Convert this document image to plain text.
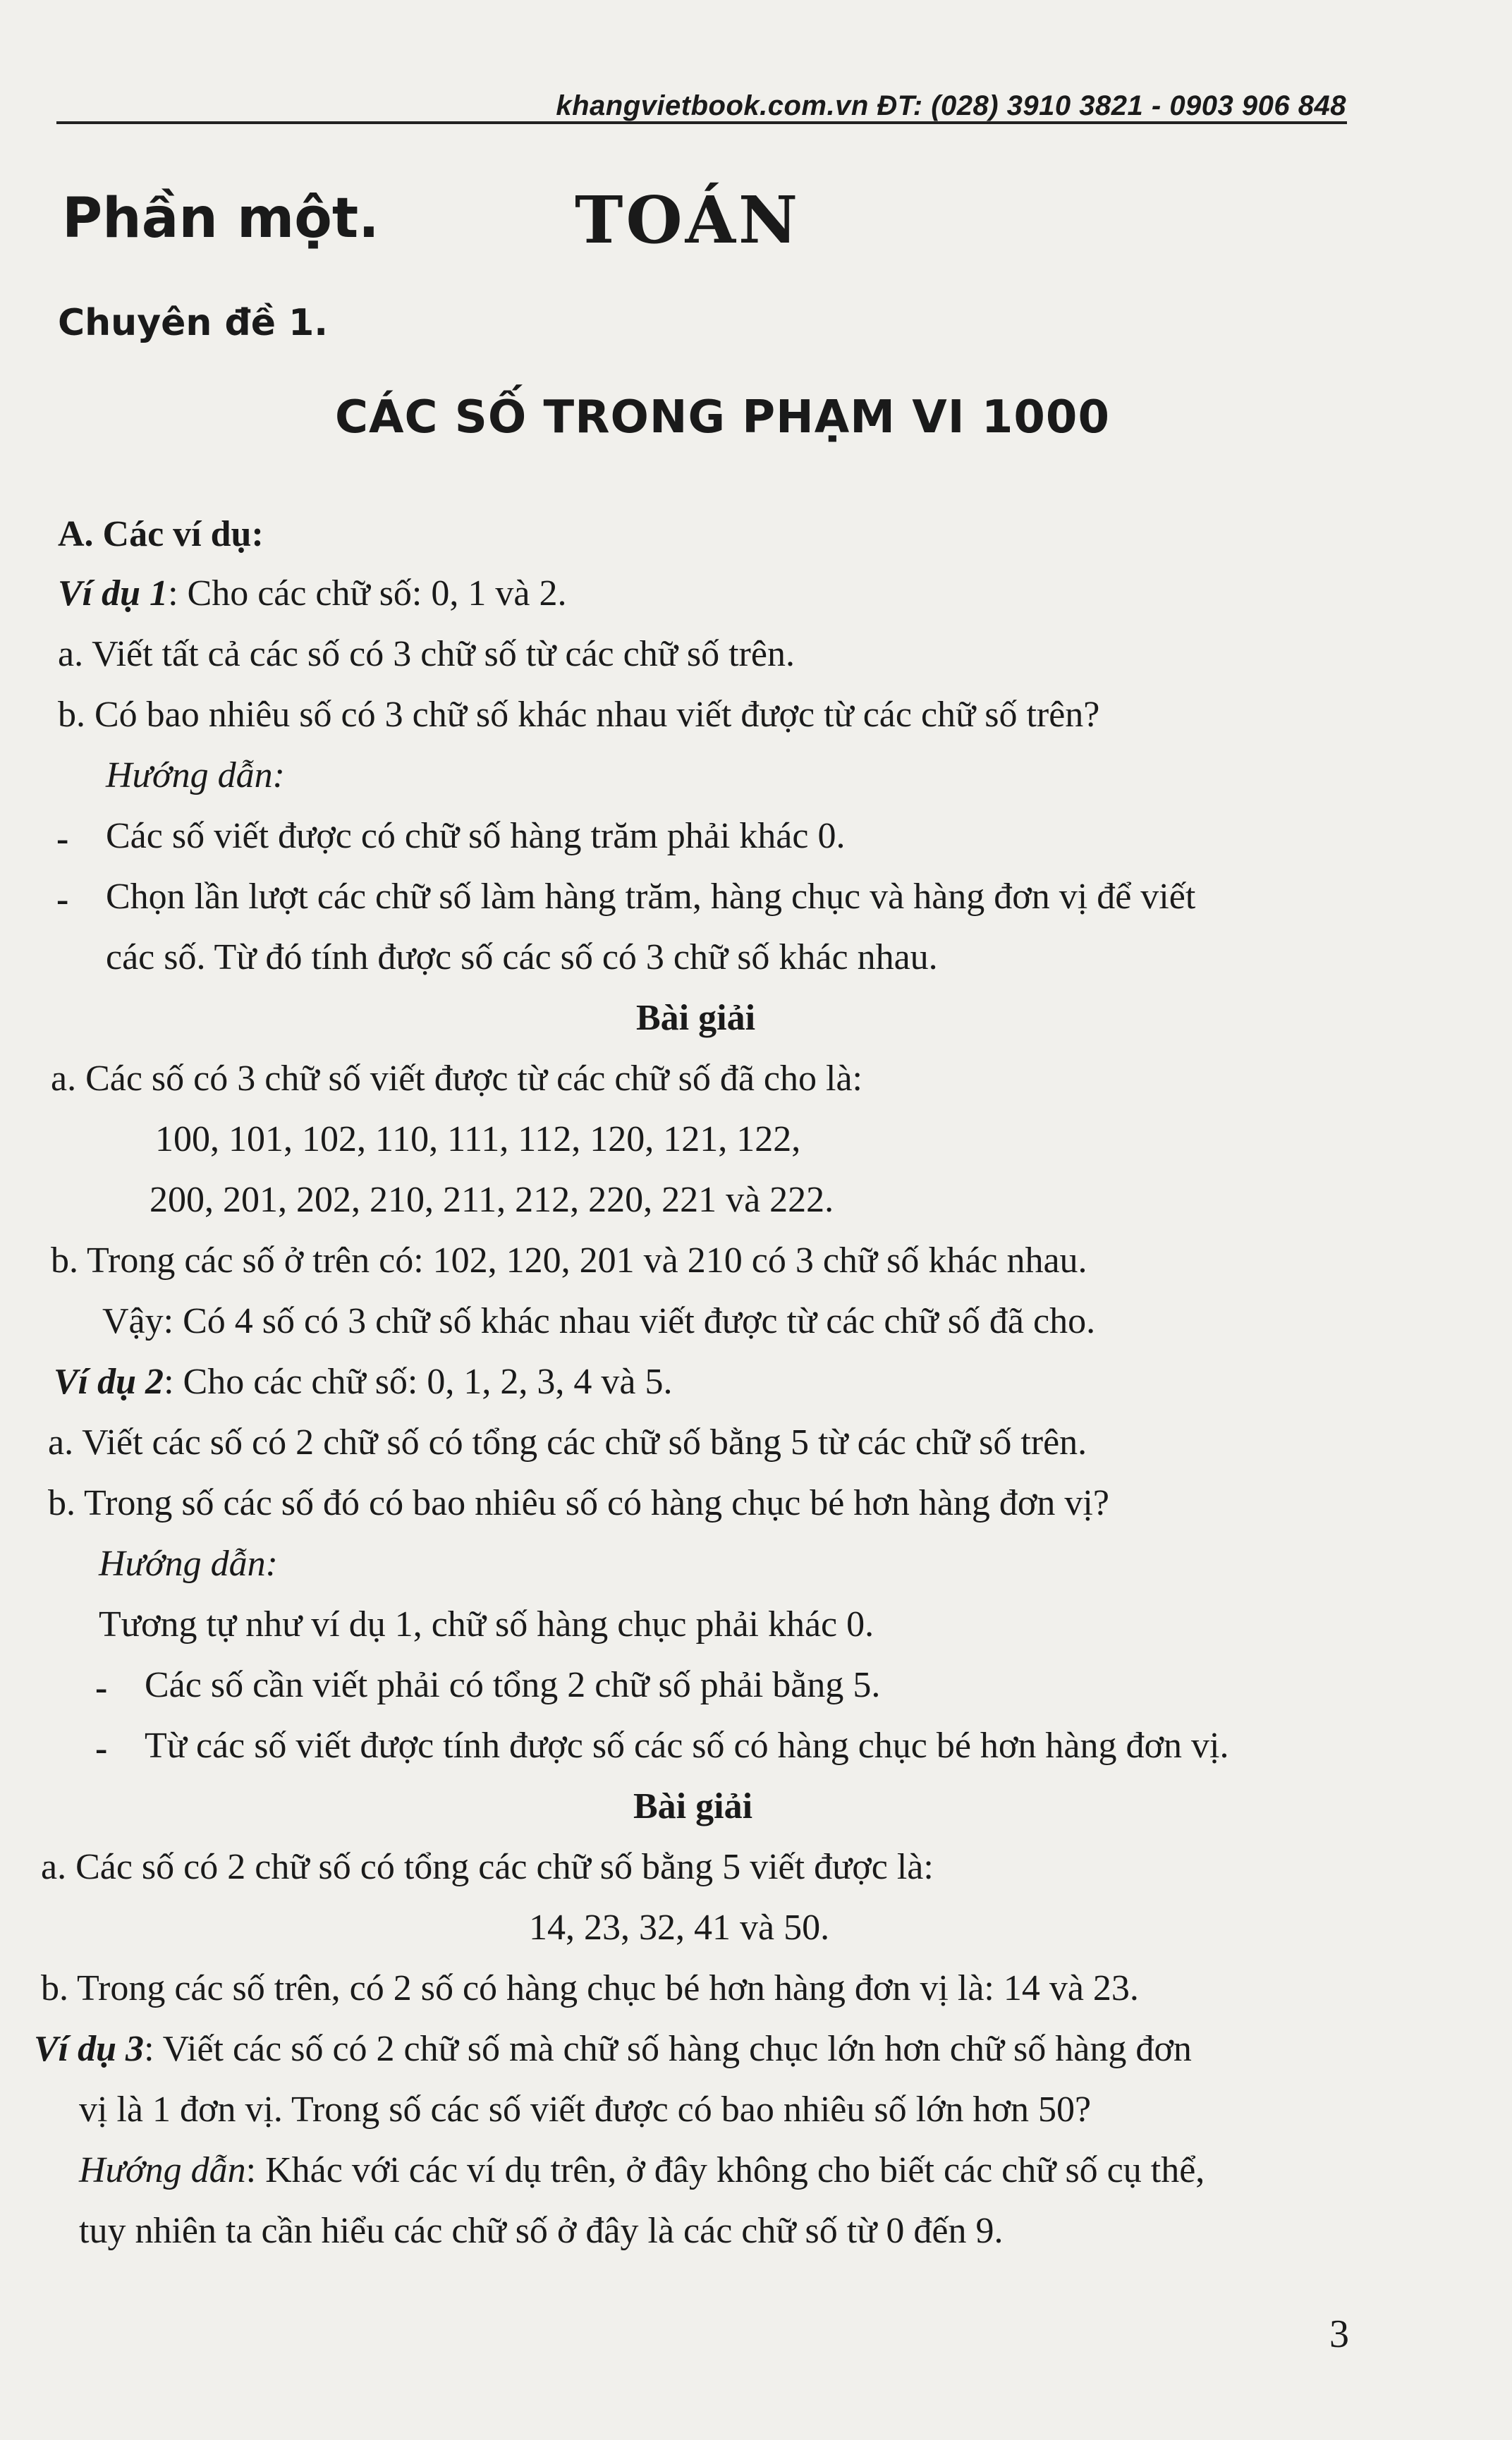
khangvietbook.com.vn ĐT: (028) 3910 3821 - 0903 906 848
Phần một.	TOÁN
Chuyên đề 1.
CÁC SỐ TRONG PHẠM VI 1000
A. Các ví dụ:
Ví dụ 1: Cho các chữ số: 0, 1 và 2.
a. Viết tất cả các số có 3 chữ số từ các chữ số trên.
b. Có bao nhiêu số có 3 chữ số khác nhau viết được từ các chữ số trên?
Hướng dẫn:
- Các số viết được có chữ số hàng trăm phải khác 0.
- Chọn lần lượt các chữ số làm hàng trăm, hàng chục và hàng đơn vị để viết
các số. Từ đó tính được số các số có 3 chữ số khác nhau.
Bài giải
a. Các số có 3 chữ số viết được từ các chữ số đã cho là:
100, 101, 102, 110, 111, 112, 120, 121, 122,
200, 201, 202, 210, 211, 212, 220, 221 và 222.
b. Trong các số ở trên có: 102, 120, 201 và 210 có 3 chữ số khác nhau.
Vậy: Có 4 số có 3 chữ số khác nhau viết được từ các chữ số đã cho.
Ví dụ 2: Cho các chữ số: 0, 1, 2, 3, 4 và 5.
a. Viết các số có 2 chữ số có tổng các chữ số bằng 5 từ các chữ số trên.
b. Trong số các số đó có bao nhiêu số có hàng chục bé hơn hàng đơn vị?
Hướng dẫn:
Tương tự như ví dụ 1, chữ số hàng chục phải khác 0.
- Các số cần viết phải có tổng 2 chữ số phải bằng 5.
- Từ các số viết được tính được số các số có hàng chục bé hơn hàng đơn vị.
Bài giải
a. Các số có 2 chữ số có tổng các chữ số bằng 5 viết được là:
14, 23, 32, 41 và 50.
b. Trong các số trên, có 2 số có hàng chục bé hơn hàng đơn vị là: 14 và 23.
Ví dụ 3: Viết các số có 2 chữ số mà chữ số hàng chục lớn hơn chữ số hàng đơn
vị là 1 đơn vị. Trong số các số viết được có bao nhiêu số lớn hơn 50?
Hướng dẫn: Khác với các ví dụ trên, ở đây không cho biết các chữ số cụ thể,
tuy nhiên ta cần hiểu các chữ số ở đây là các chữ số từ 0 đến 9.
3
